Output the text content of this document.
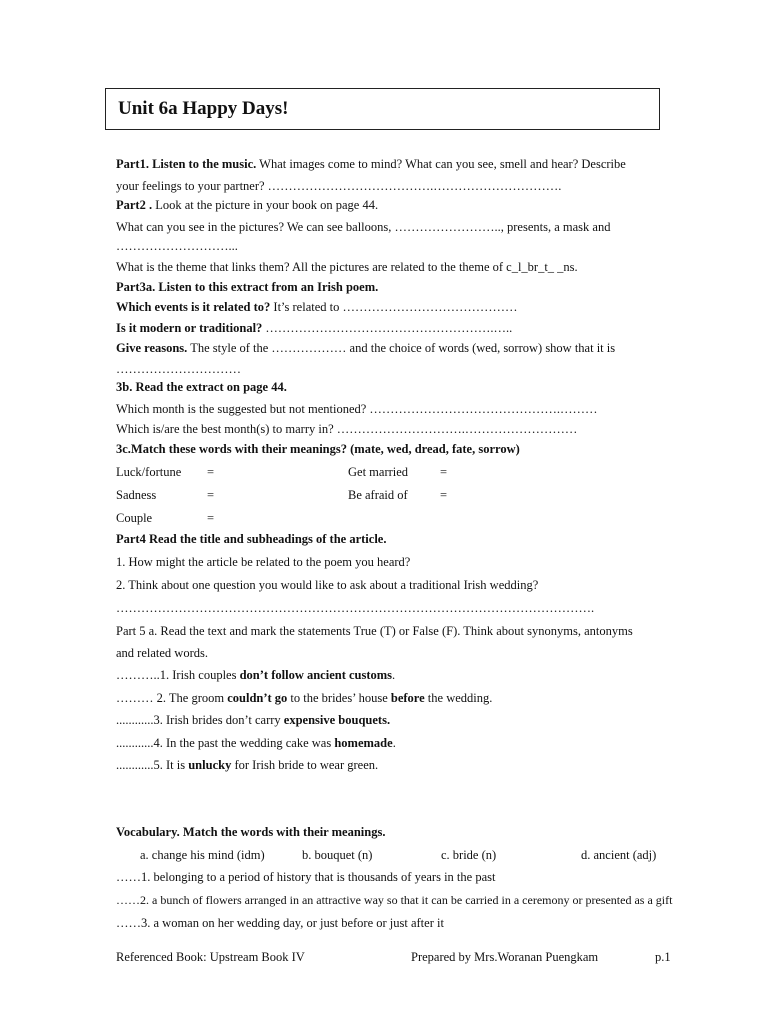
Unit 6a Happy Days!
Part1. Listen to the music. What images come to mind? What can you see, smell and hear? Describe
your feelings to your partner? ………………………………….………………………….
Part2 . Look at the picture in your book on page 44.
What can you see in the pictures? We can see balloons, …………………….., presents, a mask and
………………………...
What is the theme that links them? All the pictures are related to the theme of c_l_br_t_ _ns.
Part3a. Listen to this extract from an Irish poem.
Which events is it related to? It’s related to ……………………………………
Is it modern or traditional? ……………………………………………….…..
Give reasons. The style of the ……………… and the choice of words (wed, sorrow) show that it is
…………………………
3b. Read the extract on page 44.
Which month is the suggested but not mentioned? ……………………………………….………
Which is/are the best month(s) to marry in? ………………………….………………………
3c.Match these words with their meanings? (mate, wed, dread, fate, sorrow)
Luck/fortune =	Get married	=
Sadness	=	Be afraid of	=
Couple	=
Part4 Read the title and subheadings of the article.
1. How might the article be related to the poem you heard?
2. Think about one question you would like to ask about a traditional Irish wedding?
…………………………………………………………………………………………………….
Part 5 a. Read the text and mark the statements True (T) or False (F). Think about synonyms, antonyms
and related words.
………..1. Irish couples don’t follow ancient customs.
……… 2. The groom couldn’t go to the brides’ house before the wedding.
............3. Irish brides don’t carry expensive bouquets.
............4. In the past the wedding cake was homemade.
............5. It is unlucky for Irish bride to wear green.
Vocabulary. Match the words with their meanings.
a. change his mind (idm)	b. bouquet (n)	c. bride (n)	d. ancient (adj)
……1. belonging to a period of history that is thousands of years in the past
……2. a bunch of flowers arranged in an attractive way so that it can be carried in a ceremony or presented as a gift
……3. a woman on her wedding day, or just before or just after it
Referenced Book: Upstream Book IV	Prepared by Mrs.Woranan Puengkam	p.1
